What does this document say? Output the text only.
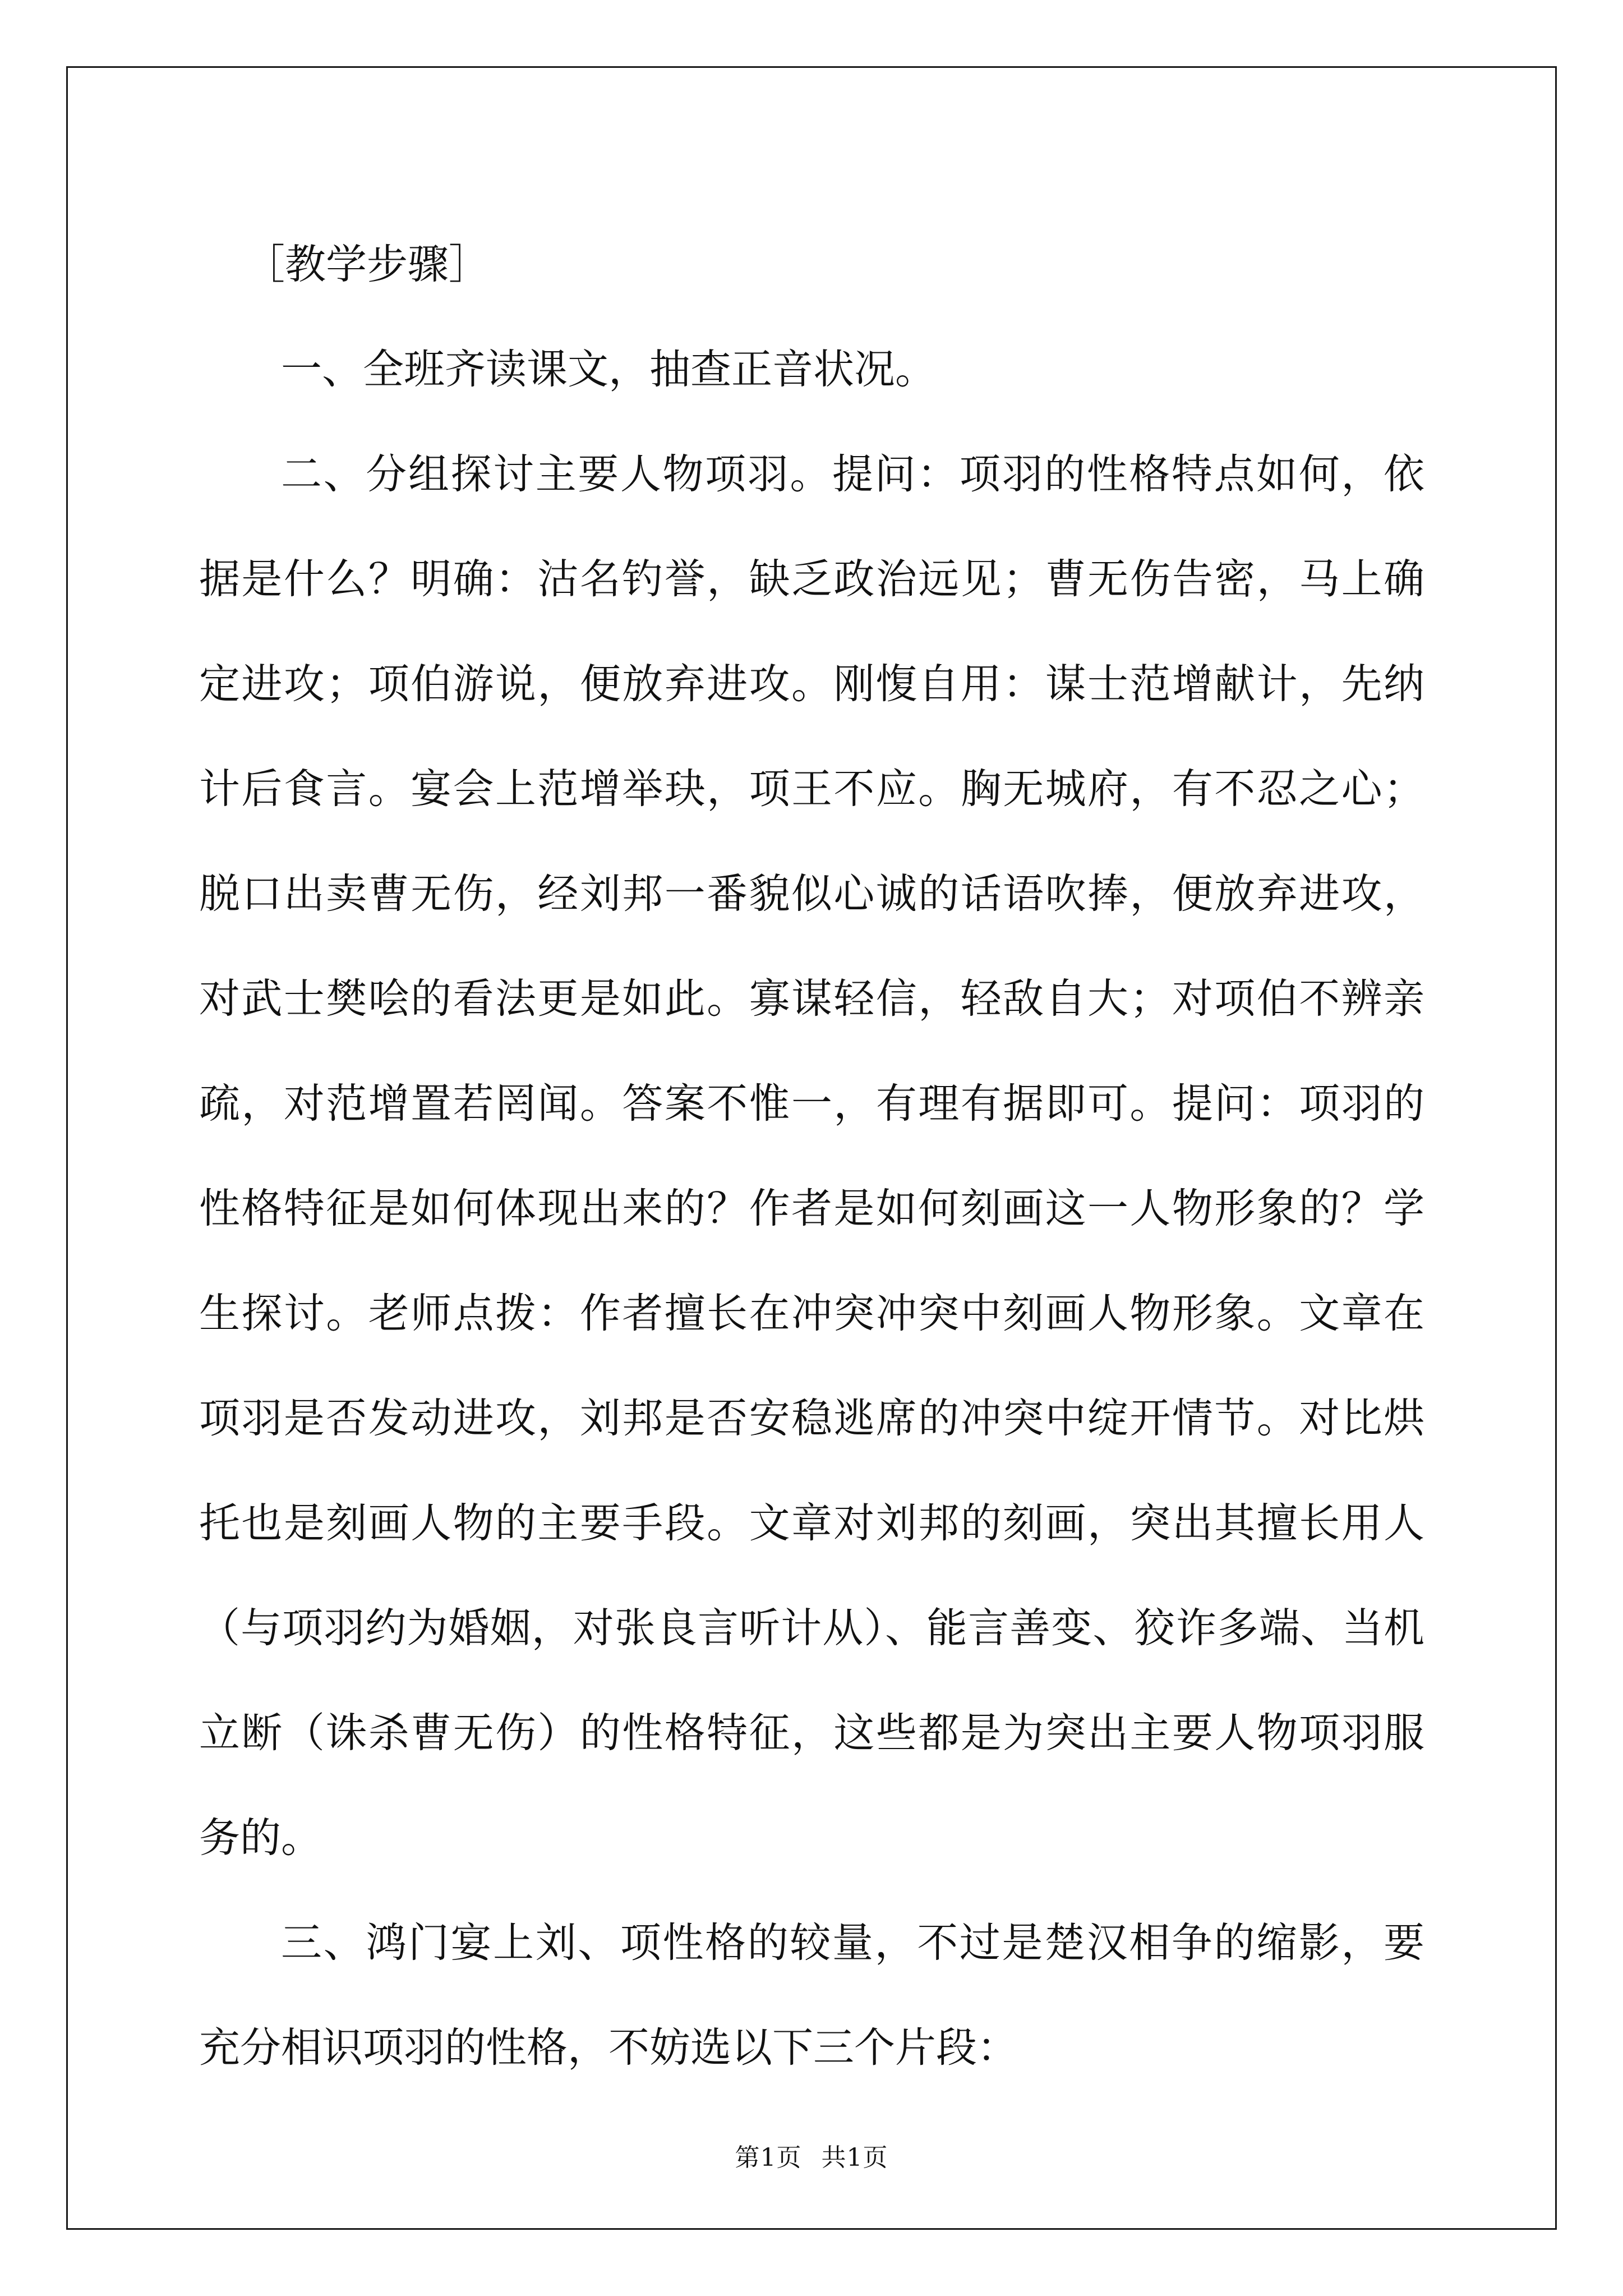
［教学步骤］

一、全班齐读课文，抽查正音状况。

二、分组探讨主要人物项羽。提问：项羽的性格特点如何，依据是什么？明确：沽名钓誉，缺乏政治远见；曹无伤告密，马上确定进攻；项伯游说，便放弃进攻。刚愎自用：谋士范增献计，先纳计后食言。宴会上范增举玦，项王不应。胸无城府，有不忍之心；脱口出卖曹无伤，经刘邦一番貌似心诚的话语吹捧，便放弃进攻，对武士樊哙的看法更是如此。寡谋轻信，轻敌自大；对项伯不辨亲疏，对范增置若罔闻。答案不惟一，有理有据即可。提问：项羽的性格特征是如何体现出来的？作者是如何刻画这一人物形象的？学生探讨。老师点拨：作者擅长在冲突冲突中刻画人物形象。文章在项羽是否发动进攻，刘邦是否安稳逃席的冲突中绽开情节。对比烘托也是刻画人物的主要手段。文章对刘邦的刻画，突出其擅长用人（与项羽约为婚姻，对张良言听计从）、能言善变、狡诈多端、当机立断（诛杀曹无伤）的性格特征，这些都是为突出主要人物项羽服务的。

三、鸿门宴上刘、项性格的较量，不过是楚汉相争的缩影，要充分相识项羽的性格，不妨选以下三个片段：

第1页 共1页
